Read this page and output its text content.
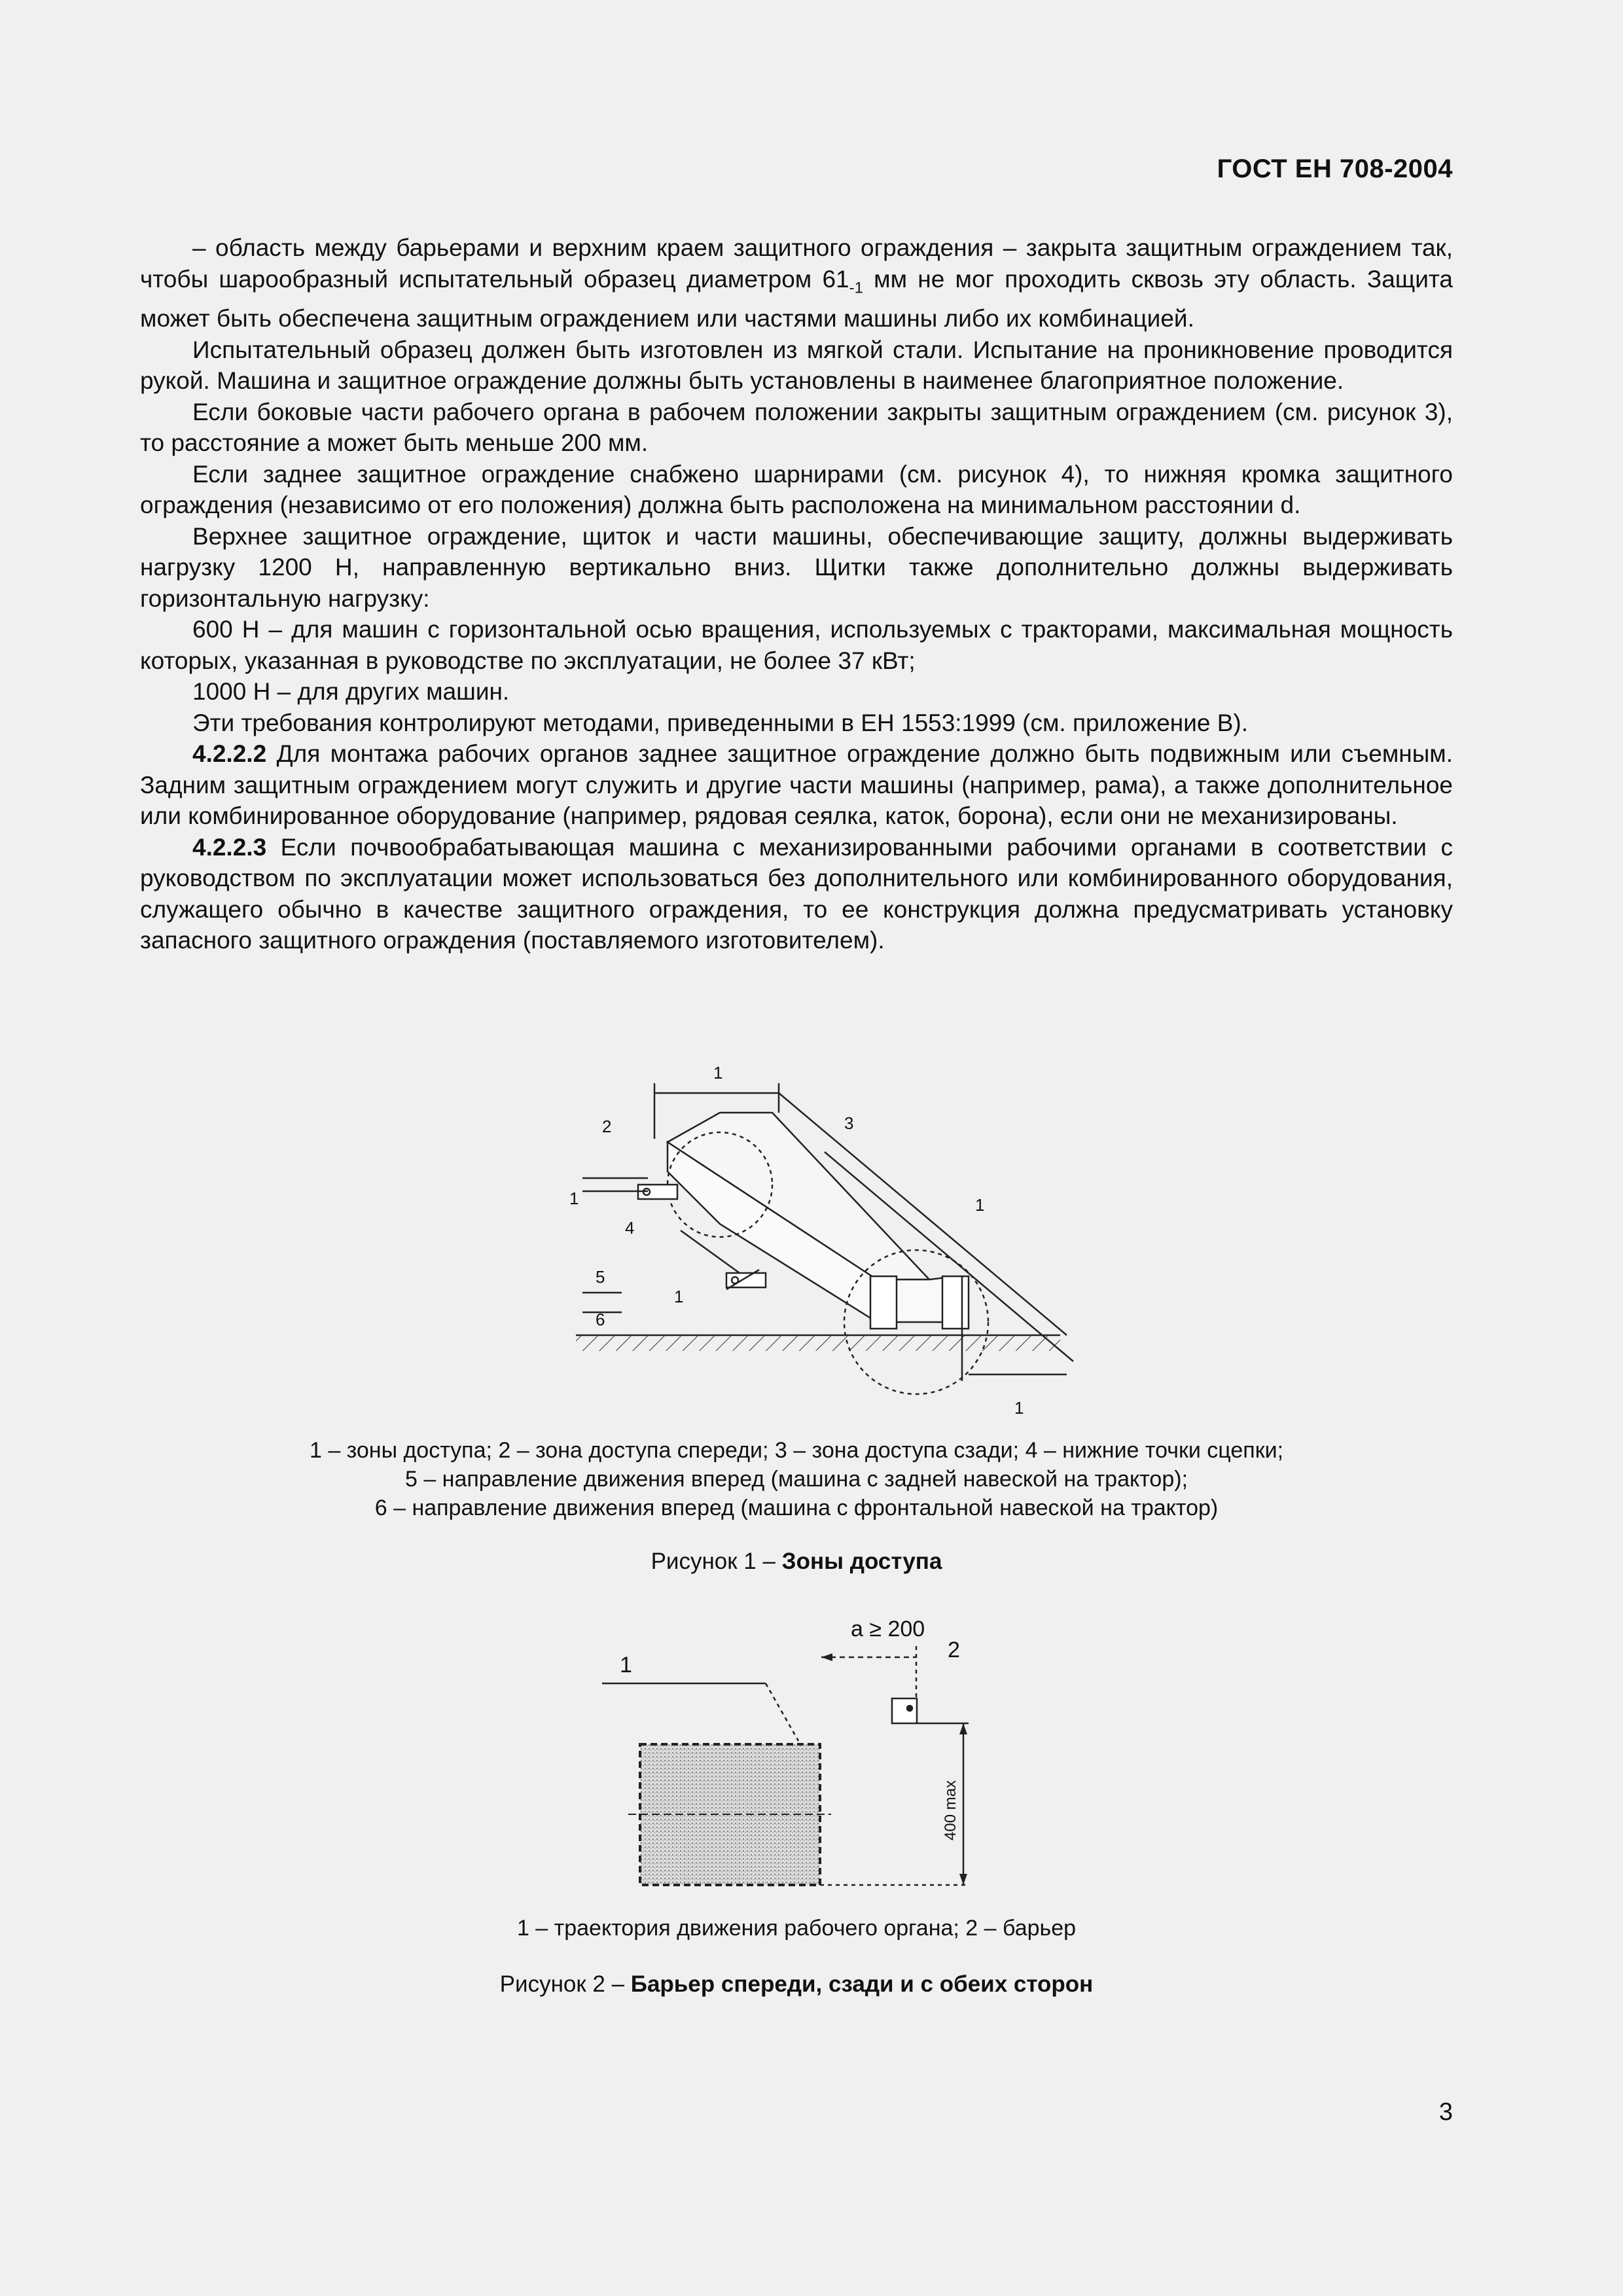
ГОСТ ЕН 708-2004

– область между барьерами и верхним краем защитного ограждения – закрыта защитным ограждением так, чтобы шарообразный испытательный образец диаметром $61_{-1}$ мм не мог проходить сквозь эту область. Защита может быть обеспечена защитным ограждением или частями машины либо их комбинацией.

Испытательный образец должен быть изготовлен из мягкой стали. Испытание на проникновение проводится рукой. Машина и защитное ограждение должны быть установлены в наименее благоприятное положение.

Если боковые части рабочего органа в рабочем положении закрыты защитным ограждением (см. рисунок 3), то расстояние a может быть меньше 200 мм.

Если заднее защитное ограждение снабжено шарнирами (см. рисунок 4), то нижняя кромка защитного ограждения (независимо от его положения) должна быть расположена на минимальном расстоянии d.

Верхнее защитное ограждение, щиток и части машины, обеспечивающие защиту, должны выдерживать нагрузку 1200 Н, направленную вертикально вниз. Щитки также дополнительно должны выдерживать горизонтальную нагрузку:

600 Н – для машин с горизонтальной осью вращения, используемых с тракторами, максимальная мощность которых, указанная в руководстве по эксплуатации, не более 37 кВт;

1000 Н – для других машин.

Эти требования контролируют методами, приведенными в ЕН 1553:1999 (см. приложение В).

4.2.2.2 Для монтажа рабочих органов заднее защитное ограждение должно быть подвижным или съемным. Задним защитным ограждением могут служить и другие части машины (например, рама), а также дополнительное или комбинированное оборудование (например, рядовая сеялка, каток, борона), если они не механизированы.

4.2.2.3 Если почвообрабатывающая машина с механизированными рабочими органами в соответствии с руководством по эксплуатации может использоваться без дополнительного или комбинированного оборудования, служащего обычно в качестве защитного ограждения, то ее конструкция должна предусматривать установку запасного защитного ограждения (поставляемого изготовителем).

1
2	3
1	1
4
5
6
1
1
1 – зоны доступа; 2 – зона доступа спереди; 3 – зона доступа сзади; 4 – нижние точки сцепки;
5 – направление движения вперед (машина с задней навеской на трактор);
6 – направление движения вперед (машина с фронтальной навеской на трактор)
Рисунок 1 – Зоны доступа
a ≥ 200
1
2
400 max
1 – траектория движения рабочего органа; 2 – барьер
Рисунок 2 – Барьер спереди, сзади и с обеих сторон
3
